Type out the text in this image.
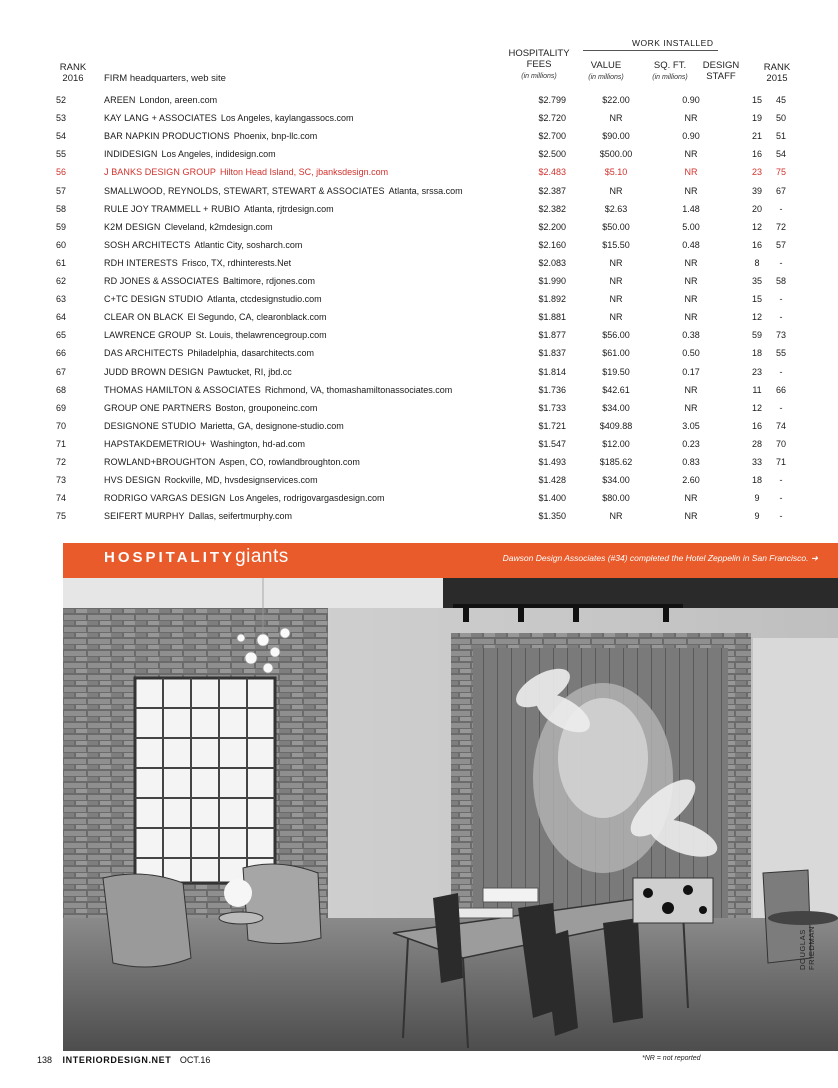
RANK
2016	FIRM headquarters, web site
HOSPITALITY
FEES
(in millions)
WORK INSTALLED
VALUE
(in millions)
SQ. FT.
(in millions)
DESIGN
STAFF
RANK
2015
52	AREEN London, areen.com	$2.799	$22.00	0.90	15	45
53	KAY LANG + ASSOCIATES Los Angeles, kaylangassocs.com	$2.720	NR	NR	19	50
54	BAR NAPKIN PRODUCTIONS Phoenix, bnp-llc.com	$2.700	$90.00	0.90	21	51
55	INDIDESIGN Los Angeles, indidesign.com	$2.500	$500.00	NR	16	54
56	J BANKS DESIGN GROUP Hilton Head Island, SC, jbanksdesign.com	$2.483	$5.10	NR	23	75
57	SMALLWOOD, REYNOLDS, STEWART, STEWART & ASSOCIATES Atlanta, srssa.com	$2.387	NR	NR	39	67
58	RULE JOY TRAMMELL + RUBIO Atlanta, rjtrdesign.com	$2.382	$2.63	1.48	20	-
59	K2M DESIGN Cleveland, k2mdesign.com	$2.200	$50.00	5.00	12	72
60	SOSH ARCHITECTS Atlantic City, sosharch.com	$2.160	$15.50	0.48	16	57
61	RDH INTERESTS Frisco, TX, rdhinterests.Net	$2.083	NR	NR	8	-
62	RD JONES & ASSOCIATES Baltimore, rdjones.com	$1.990	NR	NR	35	58
63	C+TC DESIGN STUDIO Atlanta, ctcdesignstudio.com	$1.892	NR	NR	15	-
64	CLEAR ON BLACK El Segundo, CA, clearonblack.com	$1.881	NR	NR	12	-
65	LAWRENCE GROUP St. Louis, thelawrencegroup.com	$1.877	$56.00	0.38	59	73
66	DAS ARCHITECTS Philadelphia, dasarchitects.com	$1.837	$61.00	0.50	18	55
67	JUDD BROWN DESIGN Pawtucket, RI, jbd.cc	$1.814	$19.50	0.17	23	-
68	THOMAS HAMILTON & ASSOCIATES Richmond, VA, thomashamiltonassociates.com	$1.736	$42.61	NR	11	66
69	GROUP ONE PARTNERS Boston, grouponeinc.com	$1.733	$34.00	NR	12	-
70	DESIGNONE STUDIO Marietta, GA, designone-studio.com	$1.721	$409.88	3.05	16	74
71	HAPSTAKDEMETRIOU+ Washington, hd-ad.com	$1.547	$12.00	0.23	28	70
72	ROWLAND+BROUGHTON Aspen, CO, rowlandbroughton.com	$1.493	$185.62	0.83	33	71
73	HVS DESIGN Rockville, MD, hvsdesignservices.com	$1.428	$34.00	2.60	18	-
74	RODRIGO VARGAS DESIGN Los Angeles, rodrigovargasdesign.com	$1.400	$80.00	NR	9	-
75	SEIFERT MURPHY Dallas, seifertmurphy.com	$1.350	NR	NR	9	-
HOSPITALITYgiants	Dawson Design Associates (#34) completed the Hotel Zeppelin in San Francisco. ➜
DOUGLAS FRIEDMAN
138 INTERIORDESIGN.NET OCT.16	*NR = not reported
